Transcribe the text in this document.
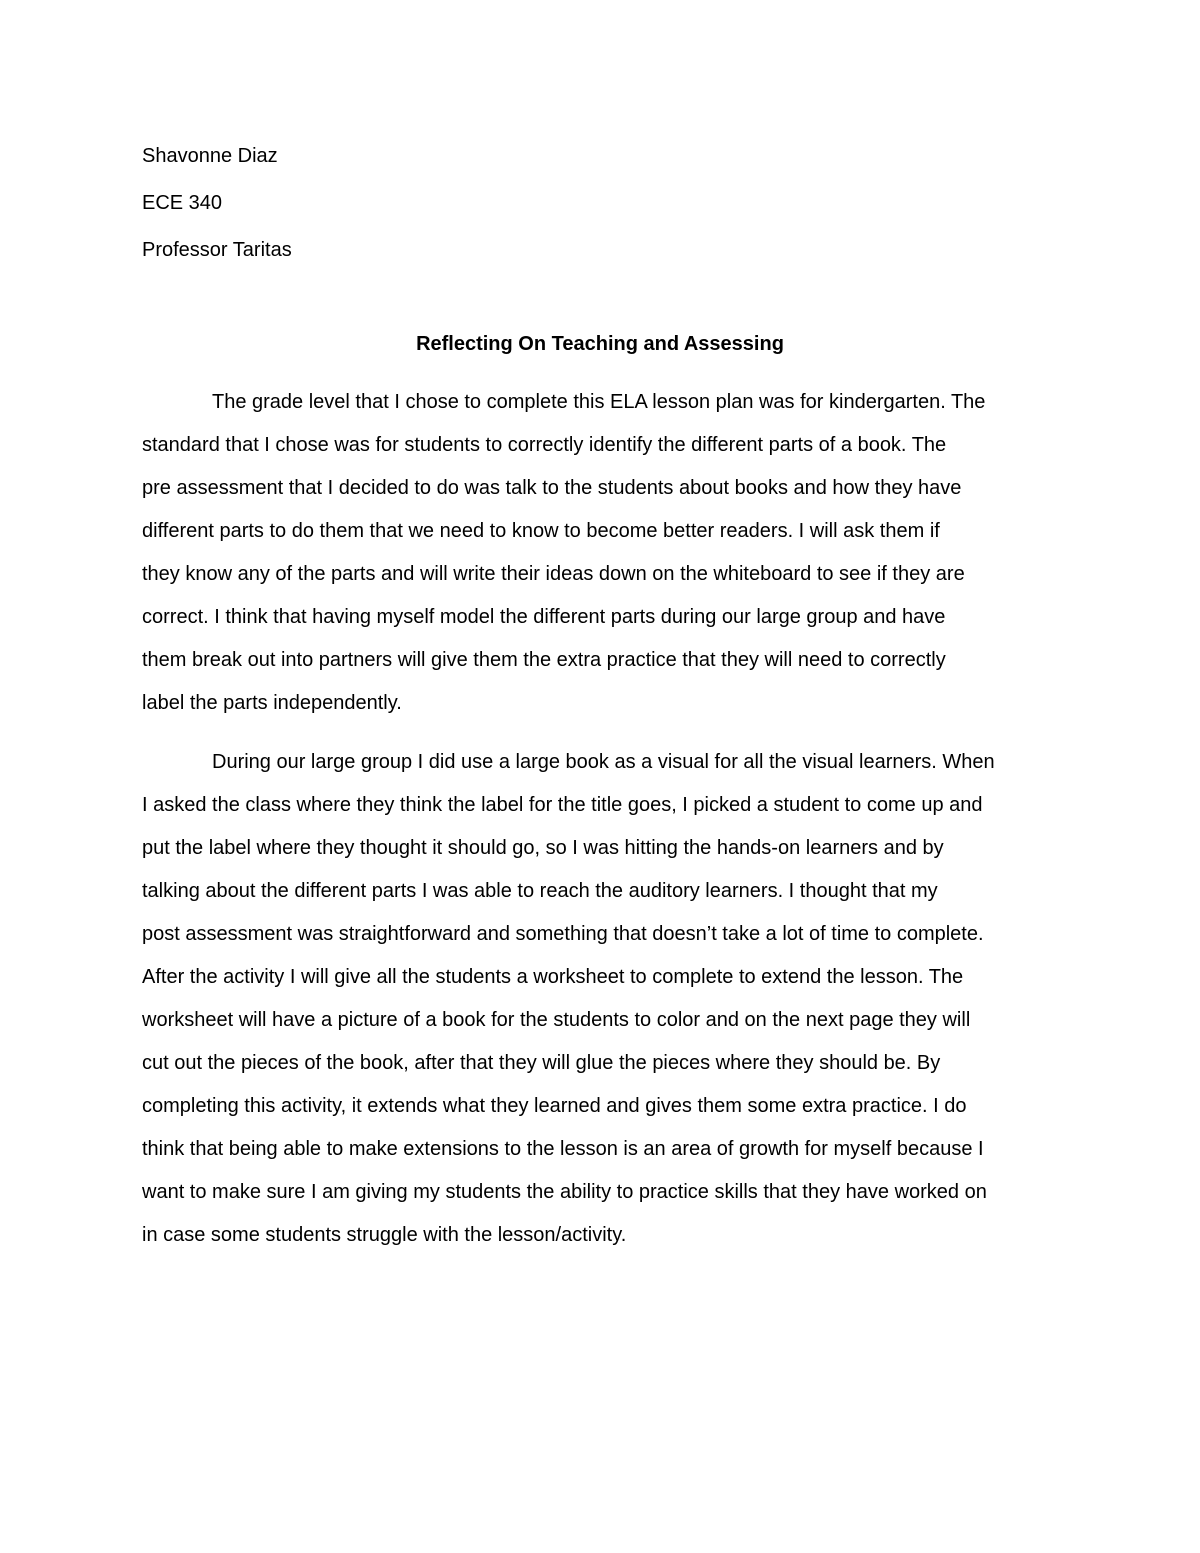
Shavonne Diaz
ECE 340
Professor Taritas
Reflecting On Teaching and Assessing
The grade level that I chose to complete this ELA lesson plan was for kindergarten. The
standard that I chose was for students to correctly identify the different parts of a book. The
pre assessment that I decided to do was talk to the students about books and how they have
different parts to do them that we need to know to become better readers. I will ask them if
they know any of the parts and will write their ideas down on the whiteboard to see if they are
correct. I think that having myself model the different parts during our large group and have
them break out into partners will give them the extra practice that they will need to correctly
label the parts independently.
During our large group I did use a large book as a visual for all the visual learners. When
I asked the class where they think the label for the title goes, I picked a student to come up and
put the label where they thought it should go, so I was hitting the hands-on learners and by
talking about the different parts I was able to reach the auditory learners. I thought that my
post assessment was straightforward and something that doesn’t take a lot of time to complete.
After the activity I will give all the students a worksheet to complete to extend the lesson. The
worksheet will have a picture of a book for the students to color and on the next page they will
cut out the pieces of the book, after that they will glue the pieces where they should be. By
completing this activity, it extends what they learned and gives them some extra practice. I do
think that being able to make extensions to the lesson is an area of growth for myself because I
want to make sure I am giving my students the ability to practice skills that they have worked on
in case some students struggle with the lesson/activity.
